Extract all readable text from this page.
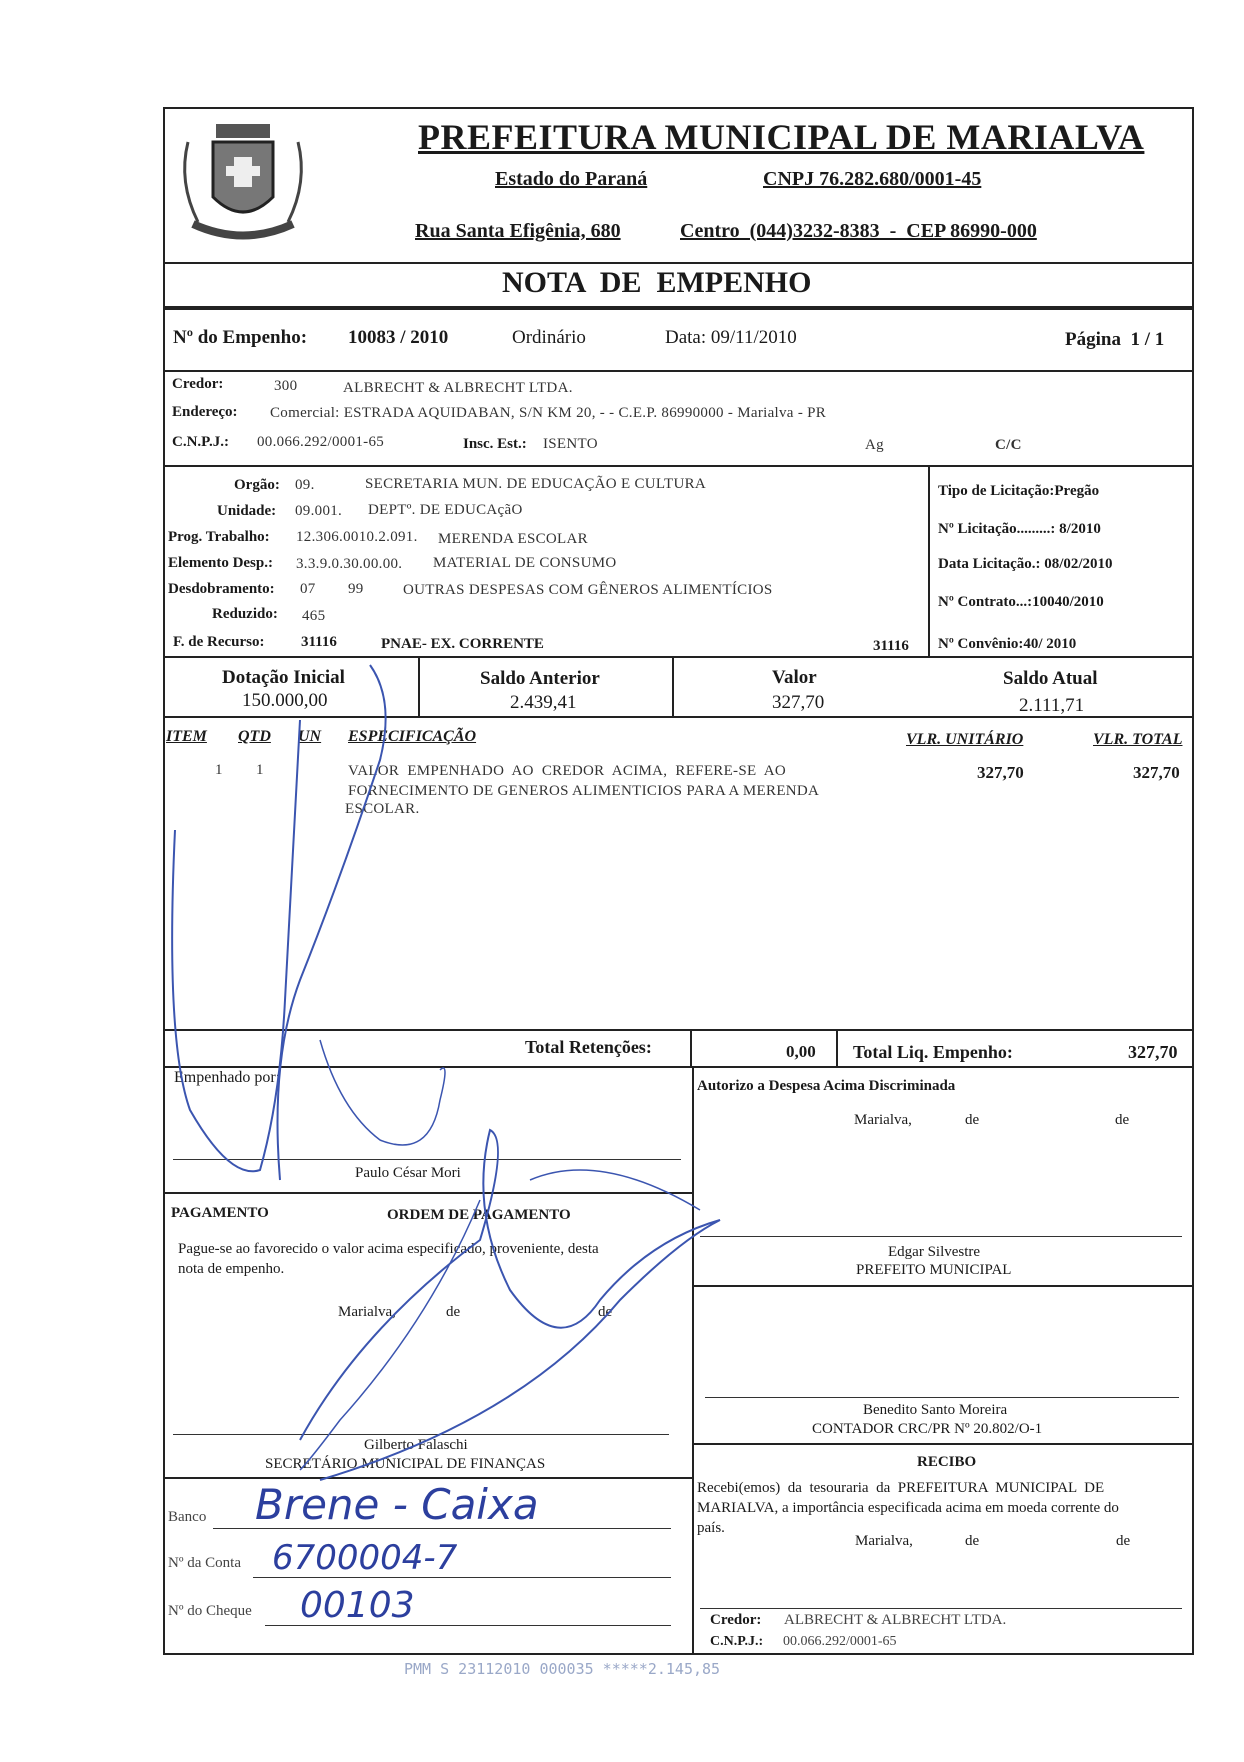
PREFEITURA MUNICIPAL DE MARIALVA
Estado do Paraná	CNPJ 76.282.680/0001-45
Rua Santa Efigênia, 680	Centro  (044)3232-8383  -  CEP 86990-000
NOTA  DE  EMPENHO
Nº do Empenho: 10083 / 2010	Ordinário	Data: 09/11/2010	Página  1 / 1
Credor:	300	ALBRECHT & ALBRECHT LTDA.
Endereço: Comercial: ESTRADA AQUIDABAN, S/N KM 20, - - C.E.P. 86990000 - Marialva - PR
C.N.P.J.: 00.066.292/0001-65	Insc. Est.: ISENTO	Ag	C/C
Orgão: 09.	SECRETARIA MUN. DE EDUCAÇÃO E CULTURA
Unidade: 09.001. DEPTº. DE EDUCAçãO
Prog. Trabalho: 12.306.0010.2.091. MERENDA ESCOLAR
Elemento Desp.: 3.3.9.0.30.00.00. MATERIAL DE CONSUMO
Desdobramento: 07 99	OUTRAS DESPESAS COM GÊNEROS ALIMENTÍCIOS
Reduzido: 465
F. de Recurso: 31116	PNAE- EX. CORRENTE	31116
Tipo de Licitação:Pregão
Nº Licitação.........: 8/2010
Data Licitação.: 08/02/2010
Nº Contrato...:10040/2010
Nº Convênio:40/ 2010
Dotação Inicial
150.000,00
Saldo Anterior
2.439,41
Valor
327,70
Saldo Atual
2.111,71
ITEM QTD UN ESPECIFICAÇÃO	VLR. UNITÁRIO	VLR. TOTAL
1 1	VALOR  EMPENHADO  AO  CREDOR  ACIMA,  REFERE-SE  AO
FORNECIMENTO DE GENEROS ALIMENTICIOS PARA A MERENDA
ESCOLAR.
327,70	327,70
Total Retenções:	0,00 Total Liq. Empenho:	327,70
Empenhado por:
Paulo César Mori
Autorizo a Despesa Acima Discriminada
Marialva,	de	de
Edgar Silvestre
PREFEITO MUNICIPAL
Benedito Santo Moreira
CONTADOR CRC/PR Nº 20.802/O-1
PAGAMENTO	ORDEM DE PAGAMENTO
Pague-se ao favorecido o valor acima especificado, proveniente, desta
nota de empenho.
Marialva,	de	de
Gilberto Falaschi
SECRETÁRIO MUNICIPAL DE FINANÇAS
Banco Brene - Caixa
Nº da Conta 6700004-7
Nº do Cheque 00103
RECIBO
Recebi(emos)  da  tesouraria  da  PREFEITURA  MUNICIPAL  DE
MARIALVA, a importância especificada acima em moeda corrente do
país.
Marialva,	de	de
Credor: ALBRECHT & ALBRECHT LTDA.
C.N.P.J.: 00.066.292/0001-65
PMM S 23112010 000035 *****2.145,85
